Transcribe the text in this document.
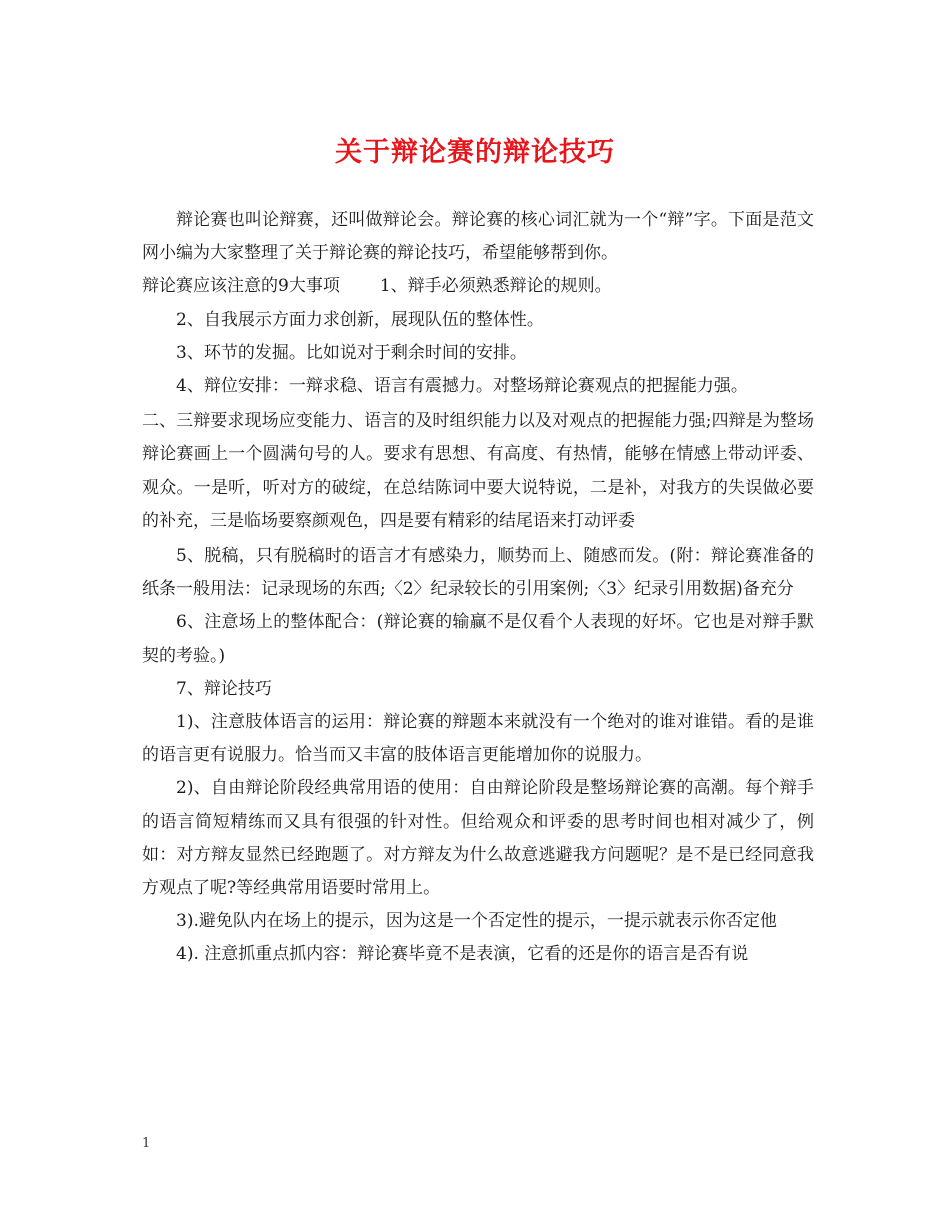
关于辩论赛的辩论技巧

辩论赛也叫论辩赛，还叫做辩论会。辩论赛的核心词汇就为一个“辩”字。下面是范文网小编为大家整理了关于辩论赛的辩论技巧，希望能够帮到你。

辩论赛应该注意的9大事项 1、辩手必须熟悉辩论的规则。

2、自我展示方面力求创新，展现队伍的整体性。

3、环节的发掘。比如说对于剩余时间的安排。

4、辩位安排：一辩求稳、语言有震撼力。对整场辩论赛观点的把握能力强。

二、三辩要求现场应变能力、语言的及时组织能力以及对观点的把握能力强;四辩是为整场辩论赛画上一个圆满句号的人。要求有思想、有高度、有热情，能够在情感上带动评委、观众。一是听，听对方的破绽，在总结陈词中要大说特说，二是补，对我方的失误做必要的补充，三是临场要察颜观色，四是要有精彩的结尾语来打动评委

5、脱稿，只有脱稿时的语言才有感染力，顺势而上、随感而发。(附：辩论赛准备的纸条一般用法：记录现场的东西;〈2〉纪录较长的引用案例;〈3〉纪录引用数据)备充分

6、注意场上的整体配合：(辩论赛的输赢不是仅看个人表现的好坏。它也是对辩手默契的考验。)

7、辩论技巧

1)、注意肢体语言的运用：辩论赛的辩题本来就没有一个绝对的谁对谁错。看的是谁的语言更有说服力。恰当而又丰富的肢体语言更能增加你的说服力。

2)、自由辩论阶段经典常用语的使用：自由辩论阶段是整场辩论赛的高潮。每个辩手的语言简短精练而又具有很强的针对性。但给观众和评委的思考时间也相对减少了，例如：对方辩友显然已经跑题了。对方辩友为什么故意逃避我方问题呢？是不是已经同意我方观点了呢?等经典常用语要时常用上。

3).避免队内在场上的提示，因为这是一个否定性的提示，一提示就表示你否定他

4). 注意抓重点抓内容：辩论赛毕竟不是表演，它看的还是你的语言是否有说

1
